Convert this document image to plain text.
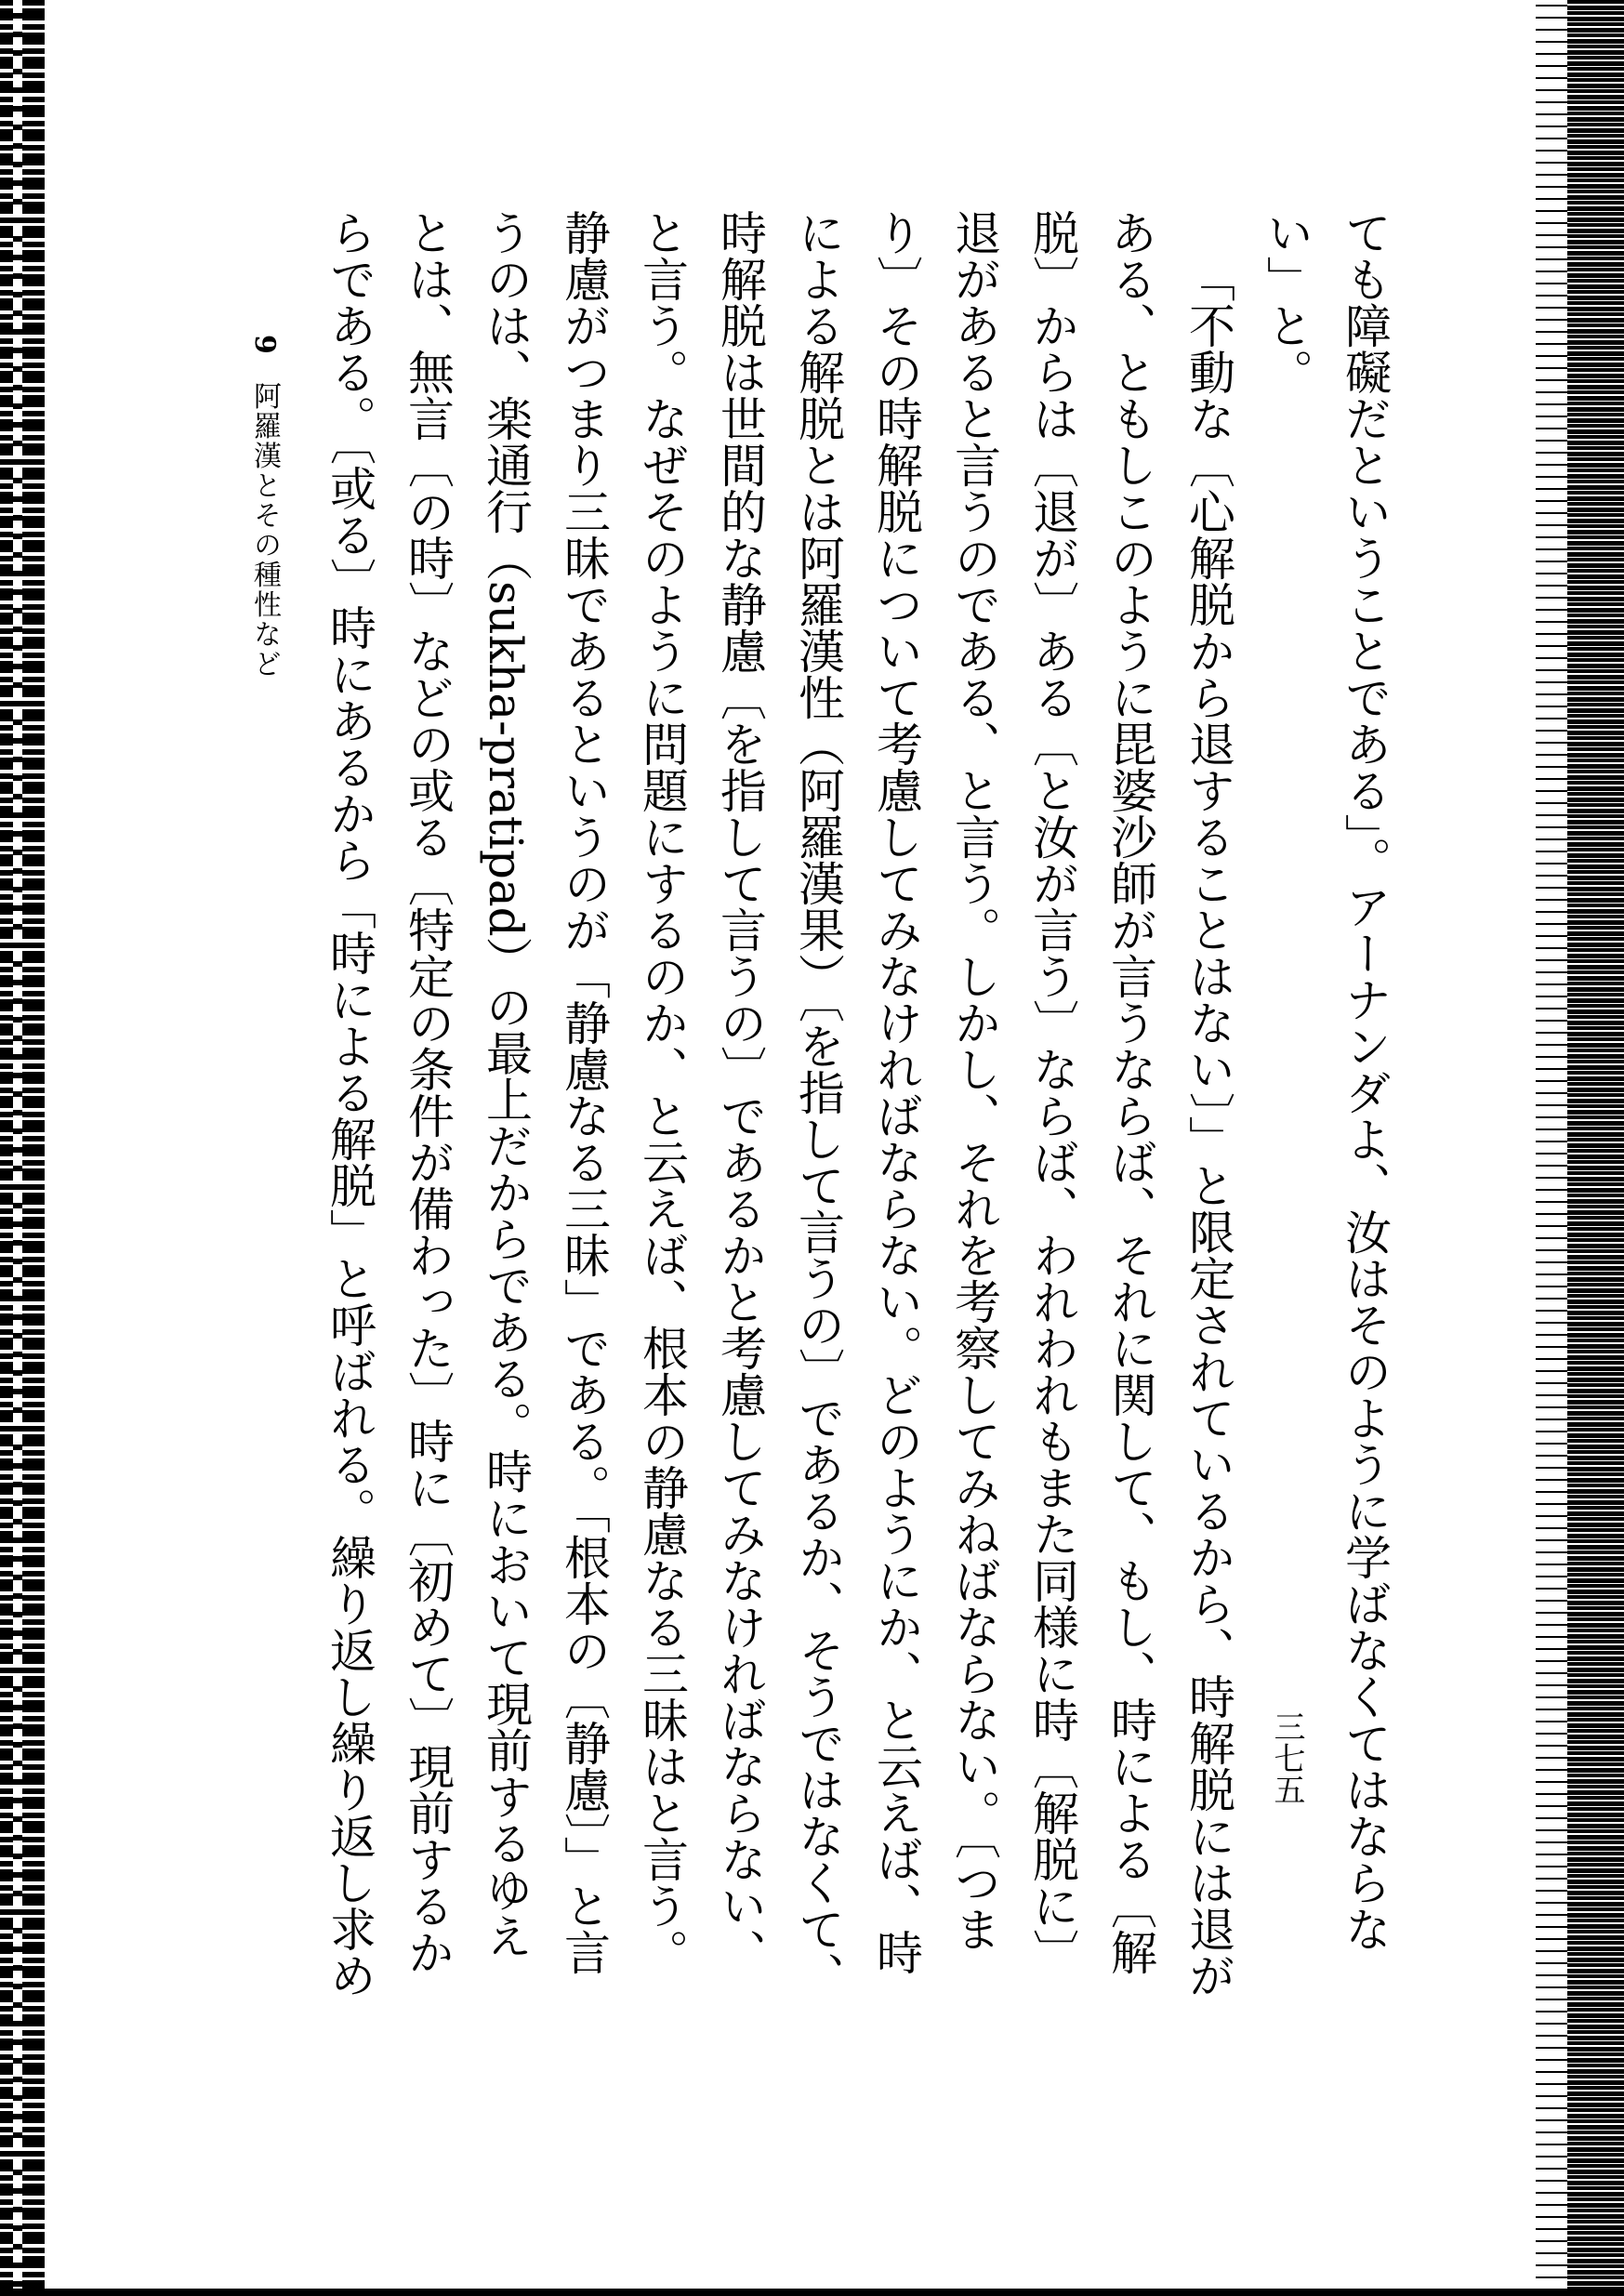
ても障礙だということである」。アーナンダよ、汝はそのように学ばなくてはならない」と。

「不動な〔心解脱から退することはない〕」と限定されているから、時解脱には退がある、ともしこのように毘婆沙師が言うならば、それに関して、もし、時による〔解脱〕からは〔退が〕ある〔と汝が言う〕ならば、われわれもまた同様に時〔解脱に〕退があると言うのである、と言う。しかし、それを考察してみねばならない。〔つまり〕その時解脱について考慮してみなければならない。どのようにか、と云えば、時による解脱とは阿羅漢性（阿羅漢果）〔を指して言うの〕であるか、そうではなくて、時解脱は世間的な静慮〔を指して言うの〕であるかと考慮してみなければならない、と言う。なぜそのように問題にするのか、と云えば、根本の静慮なる三昧はと言う。静慮がつまり三昧であるというのが「静慮なる三昧」である。「根本の〔静慮〕」と言うのは、楽通行（sukha-pratipad）の最上だからである。時において現前するゆえとは、無言〔の時〕などの或る〔特定の条件が備わった〕時に〔初めて〕現前するからである。〔或る〕時にあるから「時による解脱」と呼ばれる。繰り返し繰り返し求め

9 阿羅漢とその種性など
三七五
